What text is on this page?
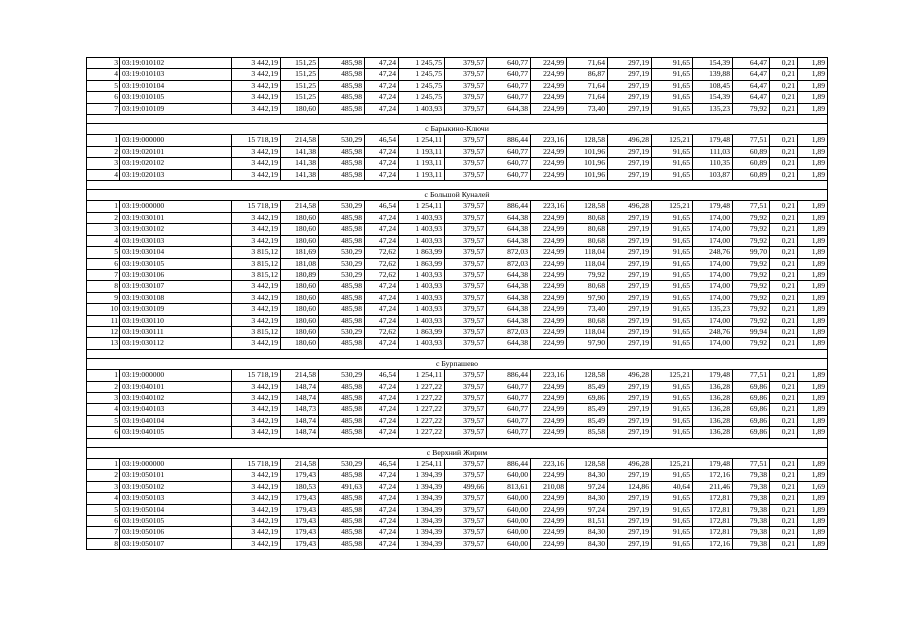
3	03:19:010102	3 442,19	151,25	485,98	47,24	1 245,75	379,57	640,77	224,99	71,64	297,19	91,65	154,39	64,47	0,21	1,89
4	03:19:010103	3 442,19	151,25	485,98	47,24	1 245,75	379,57	640,77	224,99	86,87	297,19	91,65	139,88	64,47	0,21	1,89
5	03:19:010104	3 442,19	151,25	485,98	47,24	1 245,75	379,57	640,77	224,99	71,64	297,19	91,65	108,45	64,47	0,21	1,89
6	03:19:010105	3 442,19	151,25	485,98	47,24	1 245,75	379,57	640,77	224,99	71,64	297,19	91,65	154,39	64,47	0,21	1,89
7	03:19:010109	3 442,19	180,60	485,98	47,24	1 403,93	379,57	644,38	224,99	73,40	297,19	91,65	135,23	79,92	0,21	1,89

с Барыкино-Ключи																
1	03:19:000000	15 718,19	214,58	530,29	46,54	1 254,11	379,57	886,44	223,16	128,58	496,28	125,21	179,48	77,51	0,21	1,89
2	03:19:020101	3 442,19	141,38	485,98	47,24	1 193,11	379,57	640,77	224,99	101,96	297,19	91,65	111,03	60,89	0,21	1,89
3	03:19:020102	3 442,19	141,38	485,98	47,24	1 193,11	379,57	640,77	224,99	101,96	297,19	91,65	110,35	60,89	0,21	1,89
4	03:19:020103	3 442,19	141,38	485,98	47,24	1 193,11	379,57	640,77	224,99	101,96	297,19	91,65	103,87	60,89	0,21	1,89

с Большой Куналей																
1	03:19:000000	15 718,19	214,58	530,29	46,54	1 254,11	379,57	886,44	223,16	128,58	496,28	125,21	179,48	77,51	0,21	1,89
2	03:19:030101	3 442,19	180,60	485,98	47,24	1 403,93	379,57	644,38	224,99	80,68	297,19	91,65	174,00	79,92	0,21	1,89
3	03:19:030102	3 442,19	180,60	485,98	47,24	1 403,93	379,57	644,38	224,99	80,68	297,19	91,65	174,00	79,92	0,21	1,89
4	03:19:030103	3 442,19	180,60	485,98	47,24	1 403,93	379,57	644,38	224,99	80,68	297,19	91,65	174,00	79,92	0,21	1,89
5	03:19:030104	3 815,12	181,69	530,29	72,62	1 863,99	379,57	872,03	224,99	118,04	297,19	91,65	248,76	99,70	0,21	1,89
6	03:19:030105	3 815,12	181,08	530,29	72,62	1 863,99	379,57	872,03	224,99	118,04	297,19	91,65	174,00	79,92	0,21	1,89
7	03:19:030106	3 815,12	180,89	530,29	72,62	1 403,93	379,57	644,38	224,99	79,92	297,19	91,65	174,00	79,92	0,21	1,89
8	03:19:030107	3 442,19	180,60	485,98	47,24	1 403,93	379,57	644,38	224,99	80,68	297,19	91,65	174,00	79,92	0,21	1,89
9	03:19:030108	3 442,19	180,60	485,98	47,24	1 403,93	379,57	644,38	224,99	97,90	297,19	91,65	174,00	79,92	0,21	1,89
10	03:19:030109	3 442,19	180,60	485,98	47,24	1 403,93	379,57	644,38	224,99	73,40	297,19	91,65	135,23	79,92	0,21	1,89
11	03:19:030110	3 442,19	180,60	485,98	47,24	1 403,93	379,57	644,38	224,99	80,68	297,19	91,65	174,00	79,92	0,21	1,89
12	03:19:030111	3 815,12	180,60	530,29	72,62	1 863,99	379,57	872,03	224,99	118,04	297,19	91,65	248,76	99,94	0,21	1,89
13	03:19:030112	3 442,19	180,60	485,98	47,24	1 403,93	379,57	644,38	224,99	97,90	297,19	91,65	174,00	79,92	0,21	1,89

с Бурпашево																
1	03:19:000000	15 718,19	214,58	530,29	46,54	1 254,11	379,57	886,44	223,16	128,58	496,28	125,21	179,48	77,51	0,21	1,89
2	03:19:040101	3 442,19	148,74	485,98	47,24	1 227,22	379,57	640,77	224,99	85,49	297,19	91,65	136,28	69,86	0,21	1,89
3	03:19:040102	3 442,19	148,74	485,98	47,24	1 227,22	379,57	640,77	224,99	69,86	297,19	91,65	136,28	69,86	0,21	1,89
4	03:19:040103	3 442,19	148,73	485,98	47,24	1 227,22	379,57	640,77	224,99	85,49	297,19	91,65	136,28	69,86	0,21	1,89
5	03:19:040104	3 442,19	148,74	485,98	47,24	1 227,22	379,57	640,77	224,99	85,49	297,19	91,65	136,28	69,86	0,21	1,89
6	03:19:040105	3 442,19	148,74	485,98	47,24	1 227,22	379,57	640,77	224,99	85,58	297,19	91,65	136,28	69,86	0,21	1,89

с Верхний Жирим																
1	03:19:000000	15 718,19	214,58	530,29	46,54	1 254,11	379,57	886,44	223,16	128,58	496,28	125,21	179,48	77,51	0,21	1,89
2	03:19:050101	3 442,19	179,43	485,98	47,24	1 394,39	379,57	640,00	224,99	84,30	297,19	91,65	172,16	79,38	0,21	1,89
3	03:19:050102	3 442,19	180,53	491,63	47,24	1 394,39	499,66	813,61	210,08	97,24	124,86	40,64	211,46	79,38	0,21	1,69
4	03:19:050103	3 442,19	179,43	485,98	47,24	1 394,39	379,57	640,00	224,99	84,30	297,19	91,65	172,81	79,38	0,21	1,89
5	03:19:050104	3 442,19	179,43	485,98	47,24	1 394,39	379,57	640,00	224,99	97,24	297,19	91,65	172,81	79,38	0,21	1,89
6	03:19:050105	3 442,19	179,43	485,98	47,24	1 394,39	379,57	640,00	224,99	81,51	297,19	91,65	172,81	79,38	0,21	1,89
7	03:19:050106	3 442,19	179,43	485,98	47,24	1 394,39	379,57	640,00	224,99	84,30	297,19	91,65	172,81	79,38	0,21	1,89
8	03:19:050107	3 442,19	179,43	485,98	47,24	1 394,39	379,57	640,00	224,99	84,30	297,19	91,65	172,16	79,38	0,21	1,89
